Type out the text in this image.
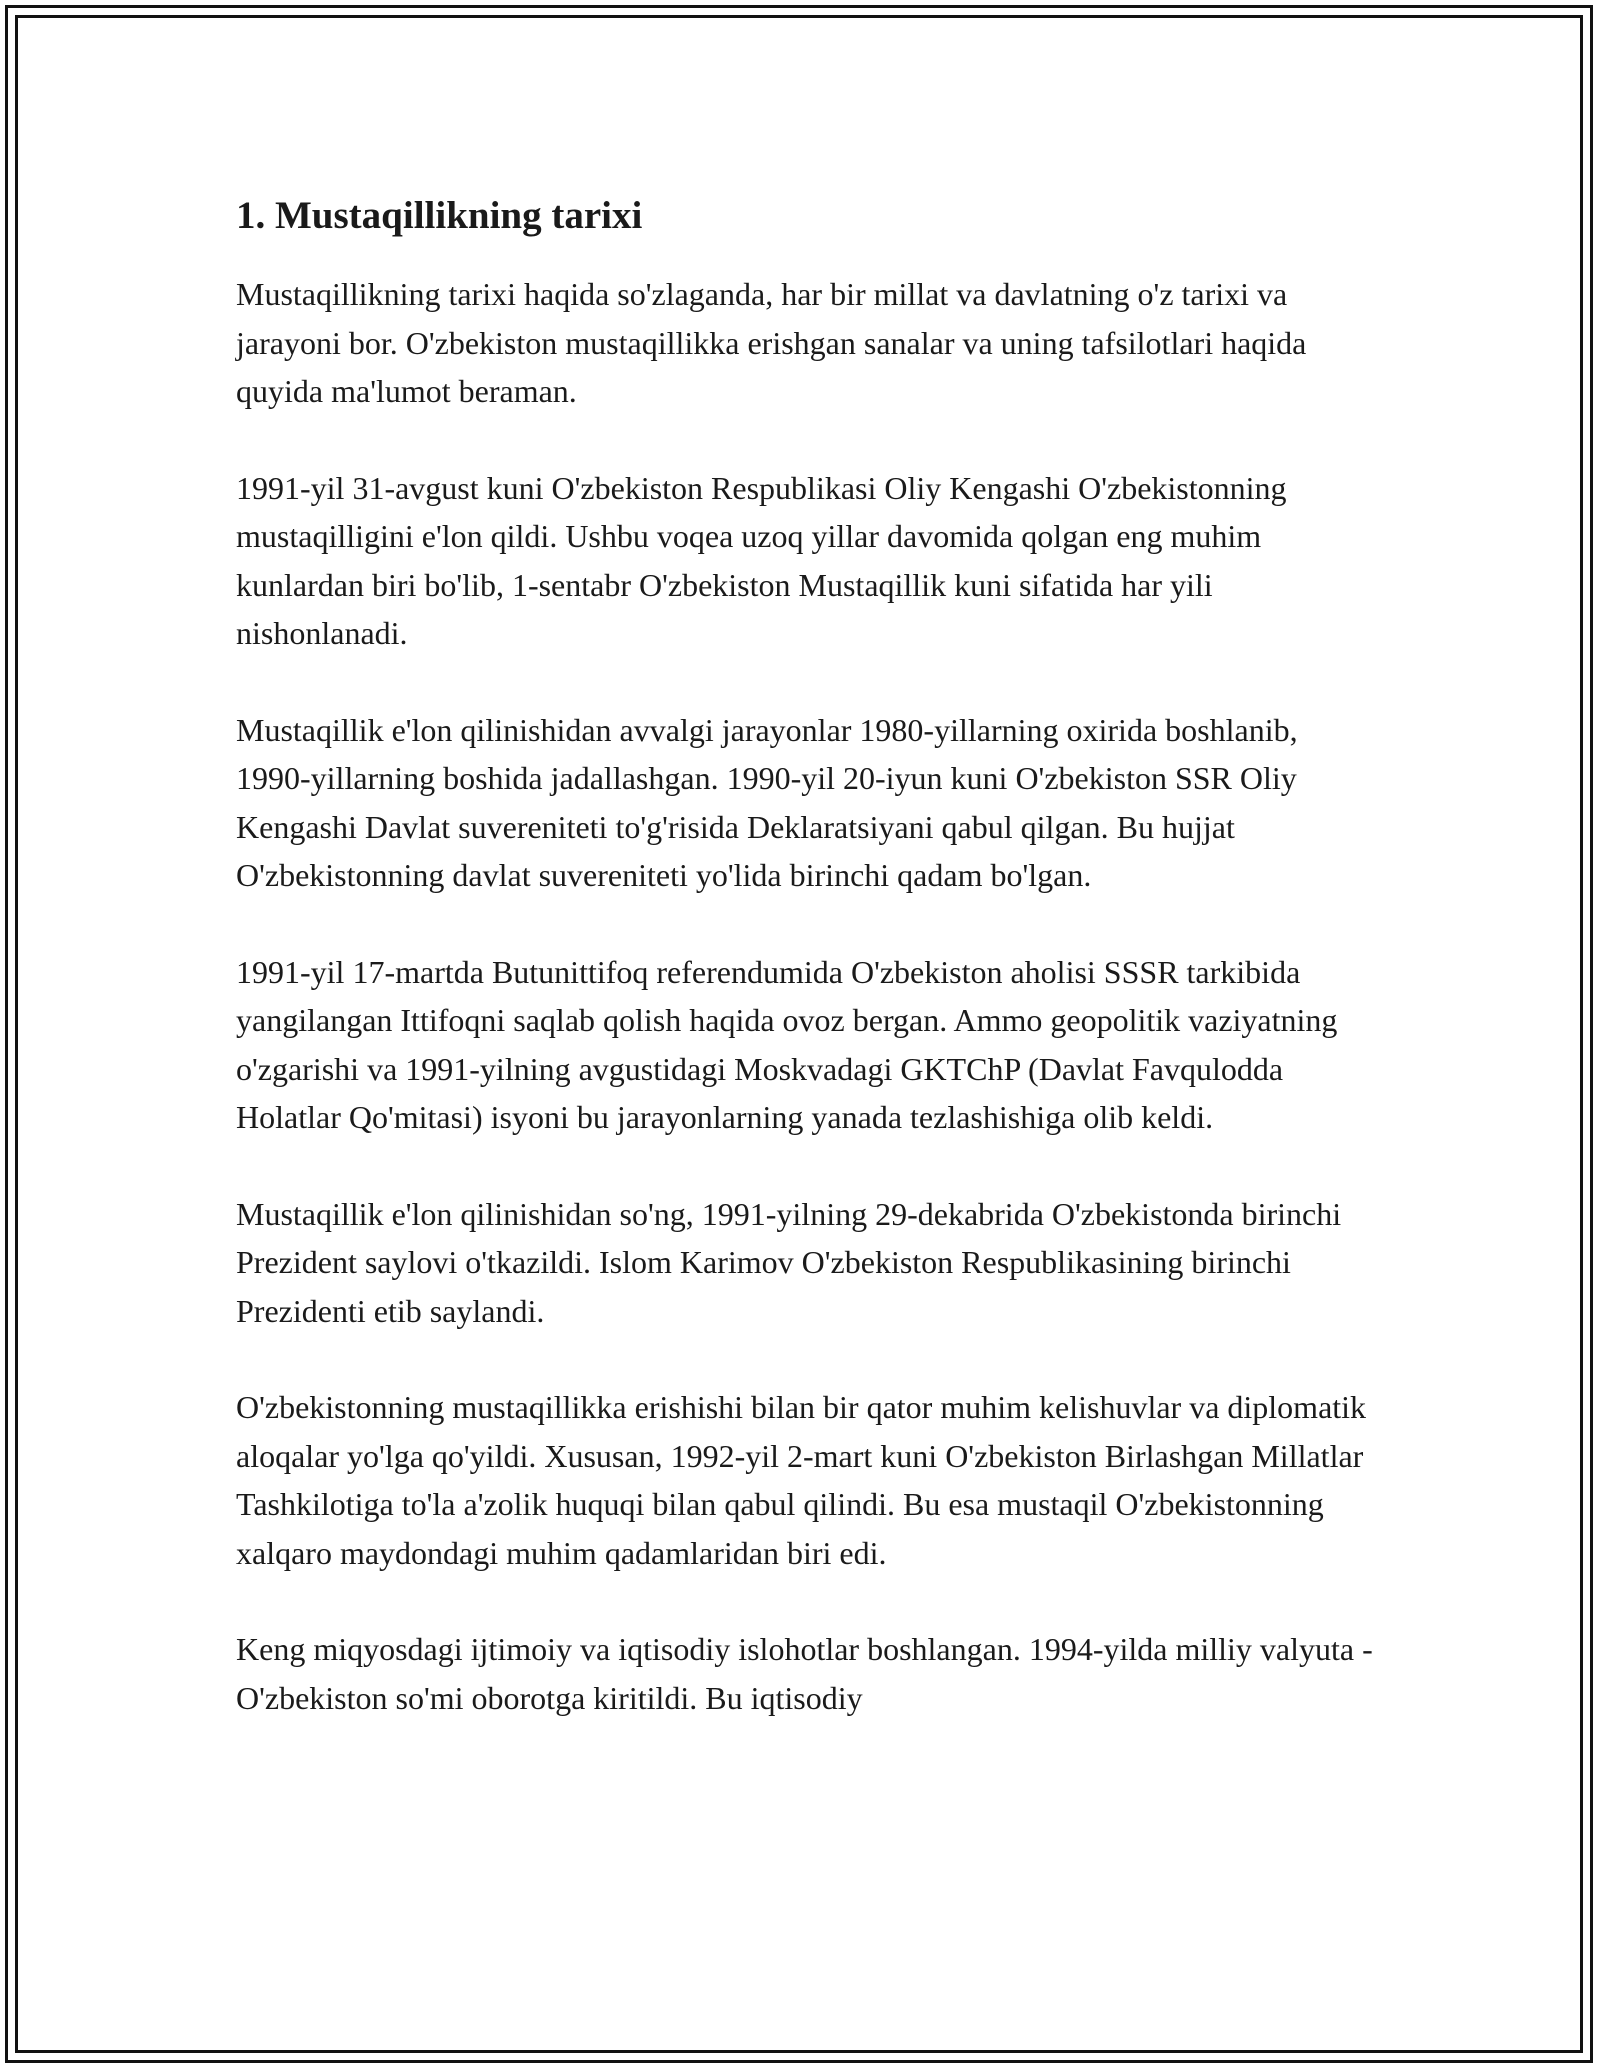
1. Mustaqillikning tarixi

Mustaqillikning tarixi haqida so'zlaganda, har bir millat va davlatning o'z tarixi va jarayoni bor. O'zbekiston mustaqillikka erishgan sanalar va uning tafsilotlari haqida quyida ma'lumot beraman.

1991-yil 31-avgust kuni O'zbekiston Respublikasi Oliy Kengashi O'zbekistonning mustaqilligini e'lon qildi. Ushbu voqea uzoq yillar davomida qolgan eng muhim kunlardan biri bo'lib, 1-sentabr O'zbekiston Mustaqillik kuni sifatida har yili nishonlanadi.

Mustaqillik e'lon qilinishidan avvalgi jarayonlar 1980-yillarning oxirida boshlanib, 1990-yillarning boshida jadallashgan. 1990-yil 20-iyun kuni O'zbekiston SSR Oliy Kengashi Davlat suvereniteti to'g'risida Deklaratsiyani qabul qilgan. Bu hujjat O'zbekistonning davlat suvereniteti yo'lida birinchi qadam bo'lgan.

1991-yil 17-martda Butunittifoq referendumida O'zbekiston aholisi SSSR tarkibida yangilangan Ittifoqni saqlab qolish haqida ovoz bergan. Ammo geopolitik vaziyatning o'zgarishi va 1991-yilning avgustidagi Moskvadagi GKTChP (Davlat Favqulodda Holatlar Qo'mitasi) isyoni bu jarayonlarning yanada tezlashishiga olib keldi.

Mustaqillik e'lon qilinishidan so'ng, 1991-yilning 29-dekabrida O'zbekistonda birinchi Prezident saylovi o'tkazildi. Islom Karimov O'zbekiston Respublikasining birinchi Prezidenti etib saylandi.

O'zbekistonning mustaqillikka erishishi bilan bir qator muhim kelishuvlar va diplomatik aloqalar yo'lga qo'yildi. Xususan, 1992-yil 2-mart kuni O'zbekiston Birlashgan Millatlar Tashkilotiga to'la a'zolik huquqi bilan qabul qilindi. Bu esa mustaqil O'zbekistonning xalqaro maydondagi muhim qadamlaridan biri edi.

Keng miqyosdagi ijtimoiy va iqtisodiy islohotlar boshlangan. 1994-yilda milliy valyuta - O'zbekiston so'mi oborotga kiritildi. Bu iqtisodiy
